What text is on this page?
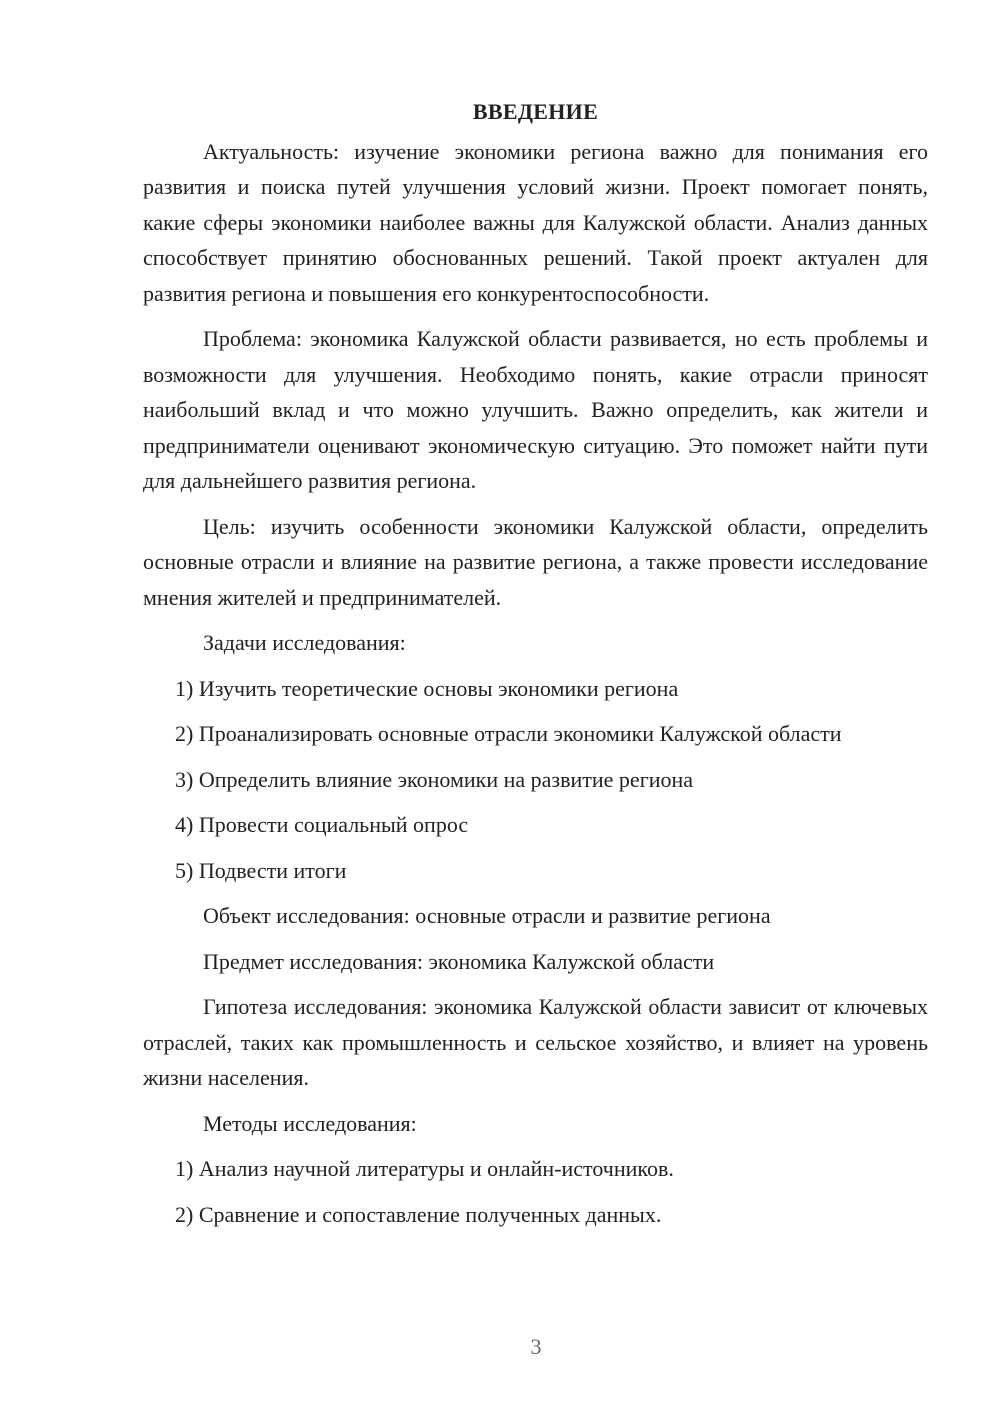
ВВЕДЕНИЕ

Актуальность: изучение экономики региона важно для понимания его развития и поиска путей улучшения условий жизни. Проект помогает понять, какие сферы экономики наиболее важны для Калужской области. Анализ данных способствует принятию обоснованных решений. Такой проект актуален для развития региона и повышения его конкурентоспособности.

Проблема: экономика Калужской области развивается, но есть проблемы и возможности для улучшения. Необходимо понять, какие отрасли приносят наибольший вклад и что можно улучшить. Важно определить, как жители и предприниматели оценивают экономическую ситуацию. Это поможет найти пути для дальнейшего развития региона.

Цель: изучить особенности экономики Калужской области, определить основные отрасли и влияние на развитие региона, а также провести исследование мнения жителей и предпринимателей.

Задачи исследования:

1) Изучить теоретические основы экономики региона

2) Проанализировать основные отрасли экономики Калужской области

3) Определить влияние экономики на развитие региона

4) Провести социальный опрос

5) Подвести итоги

Объект исследования: основные отрасли и развитие региона

Предмет исследования: экономика Калужской области

Гипотеза исследования: экономика Калужской области зависит от ключевых отраслей, таких как промышленность и сельское хозяйство, и влияет на уровень жизни населения.

Методы исследования:

1) Анализ научной литературы и онлайн-источников.

2) Сравнение и сопоставление полученных данных.

3
